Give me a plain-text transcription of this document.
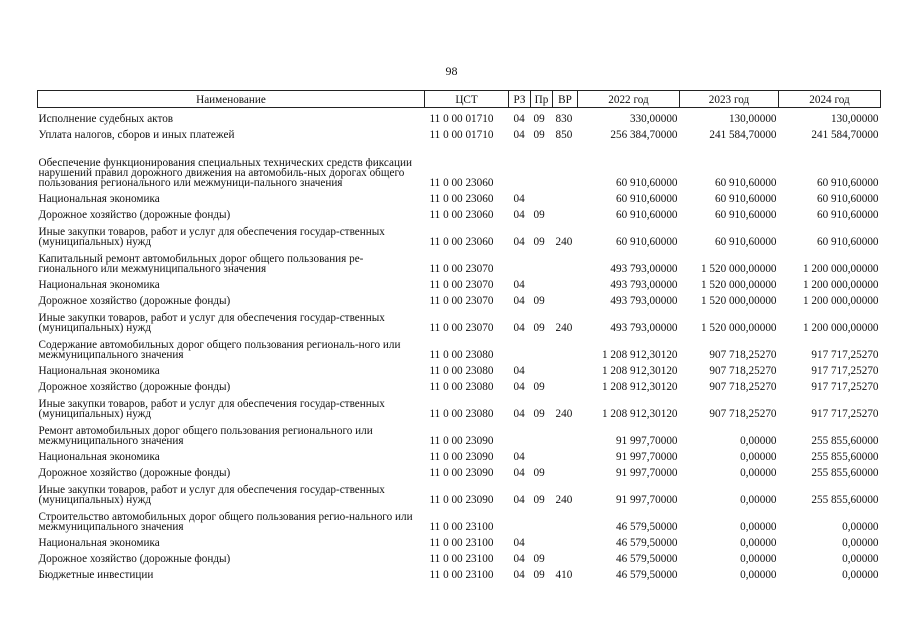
98
Наименование	ЦСТ	РЗ	Пр	ВР	2022 год	2023 год	2024 год
Исполнение судебных актов	11 0 00 01710	04	09	830	330,00000	130,00000	130,00000
Уплата налогов, сборов и иных платежей	11 0 00 01710	04	09	850	256 384,70000	241 584,70000	241 584,70000
Обеспечение функционирования специальных технических средств фиксации нарушений правил дорожного движения на автомобиль-ных дорогах общего пользования регионального или межмуници-пального значения	11 0 00 23060				60 910,60000	60 910,60000	60 910,60000
Национальная экономика	11 0 00 23060	04			60 910,60000	60 910,60000	60 910,60000
Дорожное хозяйство (дорожные фонды)	11 0 00 23060	04	09		60 910,60000	60 910,60000	60 910,60000
Иные закупки товаров, работ и услуг для обеспечения государ-ственных (муниципальных) нужд	11 0 00 23060	04	09	240	60 910,60000	60 910,60000	60 910,60000
Капитальный ремонт автомобильных дорог общего пользования ре-гионального или межмуниципального значения	11 0 00 23070				493 793,00000	1 520 000,00000	1 200 000,00000
Национальная экономика	11 0 00 23070	04			493 793,00000	1 520 000,00000	1 200 000,00000
Дорожное хозяйство (дорожные фонды)	11 0 00 23070	04	09		493 793,00000	1 520 000,00000	1 200 000,00000
Иные закупки товаров, работ и услуг для обеспечения государ-ственных (муниципальных) нужд	11 0 00 23070	04	09	240	493 793,00000	1 520 000,00000	1 200 000,00000
Содержание автомобильных дорог общего пользования региональ-ного или межмуниципального значения	11 0 00 23080				1 208 912,30120	907 718,25270	917 717,25270
Национальная экономика	11 0 00 23080	04			1 208 912,30120	907 718,25270	917 717,25270
Дорожное хозяйство (дорожные фонды)	11 0 00 23080	04	09		1 208 912,30120	907 718,25270	917 717,25270
Иные закупки товаров, работ и услуг для обеспечения государ-ственных (муниципальных) нужд	11 0 00 23080	04	09	240	1 208 912,30120	907 718,25270	917 717,25270
Ремонт автомобильных дорог общего пользования регионального или межмуниципального значения	11 0 00 23090				91 997,70000	0,00000	255 855,60000
Национальная экономика	11 0 00 23090	04			91 997,70000	0,00000	255 855,60000
Дорожное хозяйство (дорожные фонды)	11 0 00 23090	04	09		91 997,70000	0,00000	255 855,60000
Иные закупки товаров, работ и услуг для обеспечения государ-ственных (муниципальных) нужд	11 0 00 23090	04	09	240	91 997,70000	0,00000	255 855,60000
Строительство автомобильных дорог общего пользования регио-нального или межмуниципального значения	11 0 00 23100				46 579,50000	0,00000	0,00000
Национальная экономика	11 0 00 23100	04			46 579,50000	0,00000	0,00000
Дорожное хозяйство (дорожные фонды)	11 0 00 23100	04	09		46 579,50000	0,00000	0,00000
Бюджетные инвестиции	11 0 00 23100	04	09	410	46 579,50000	0,00000	0,00000
